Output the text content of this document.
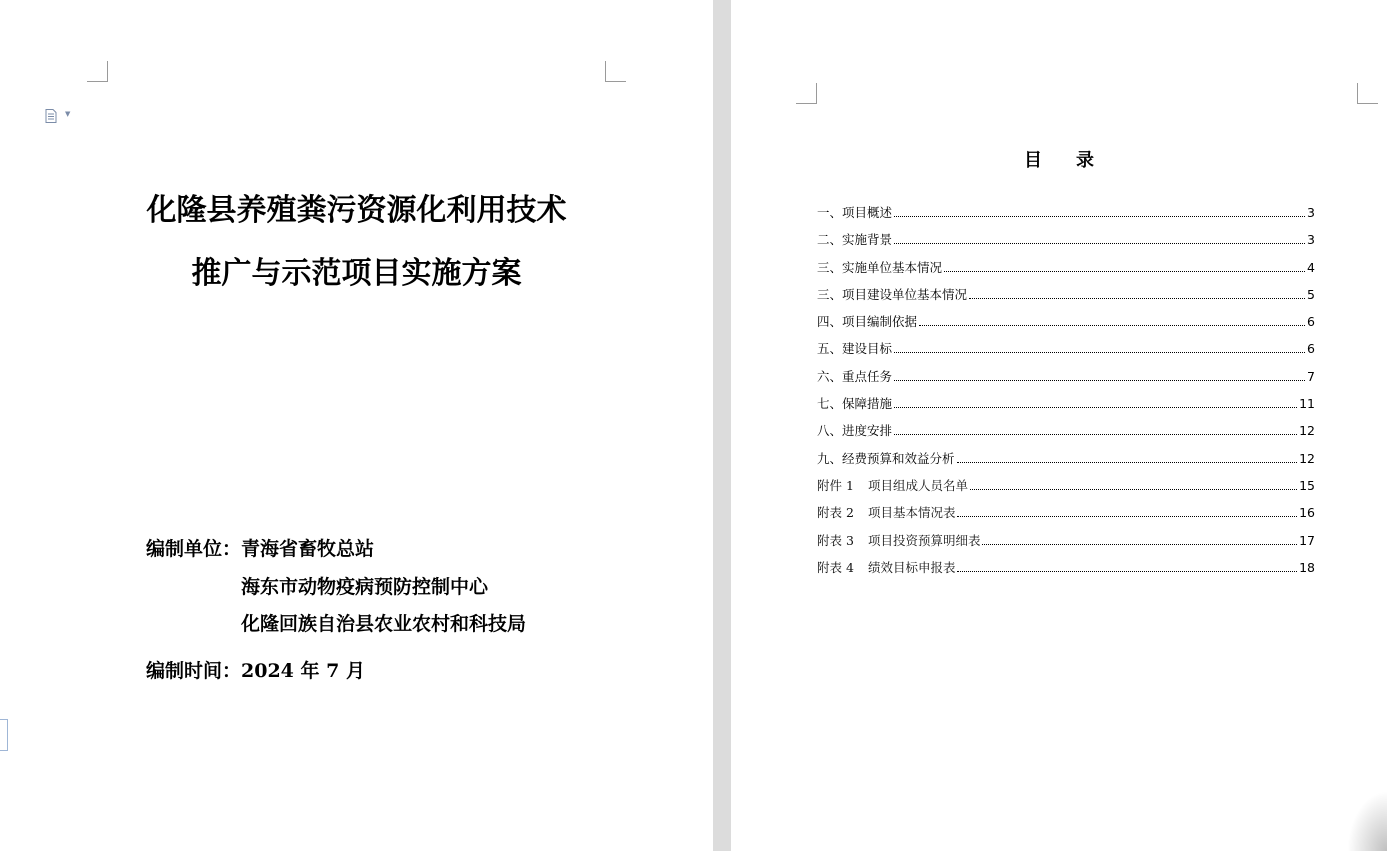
▼
化隆县养殖粪污资源化利用技术
推广与示范项目实施方案
编制单位： 青海省畜牧总站
海东市动物疫病预防控制中心
化隆回族自治县农业农村和科技局
编制时间： 2024 年 7 月
目 录
一、项目概述	3
二、实施背景	3
三、实施单位基本情况	4
三、项目建设单位基本情况	5
四、项目编制依据	6
五、建设目标	6
六、重点任务	7
七、保障措施	11
八、进度安排	12
九、经费预算和效益分析	12
附件 1 项目组成人员名单	15
附表 2 项目基本情况表	16
附表 3 项目投资预算明细表	17
附表 4 绩效目标申报表	18
